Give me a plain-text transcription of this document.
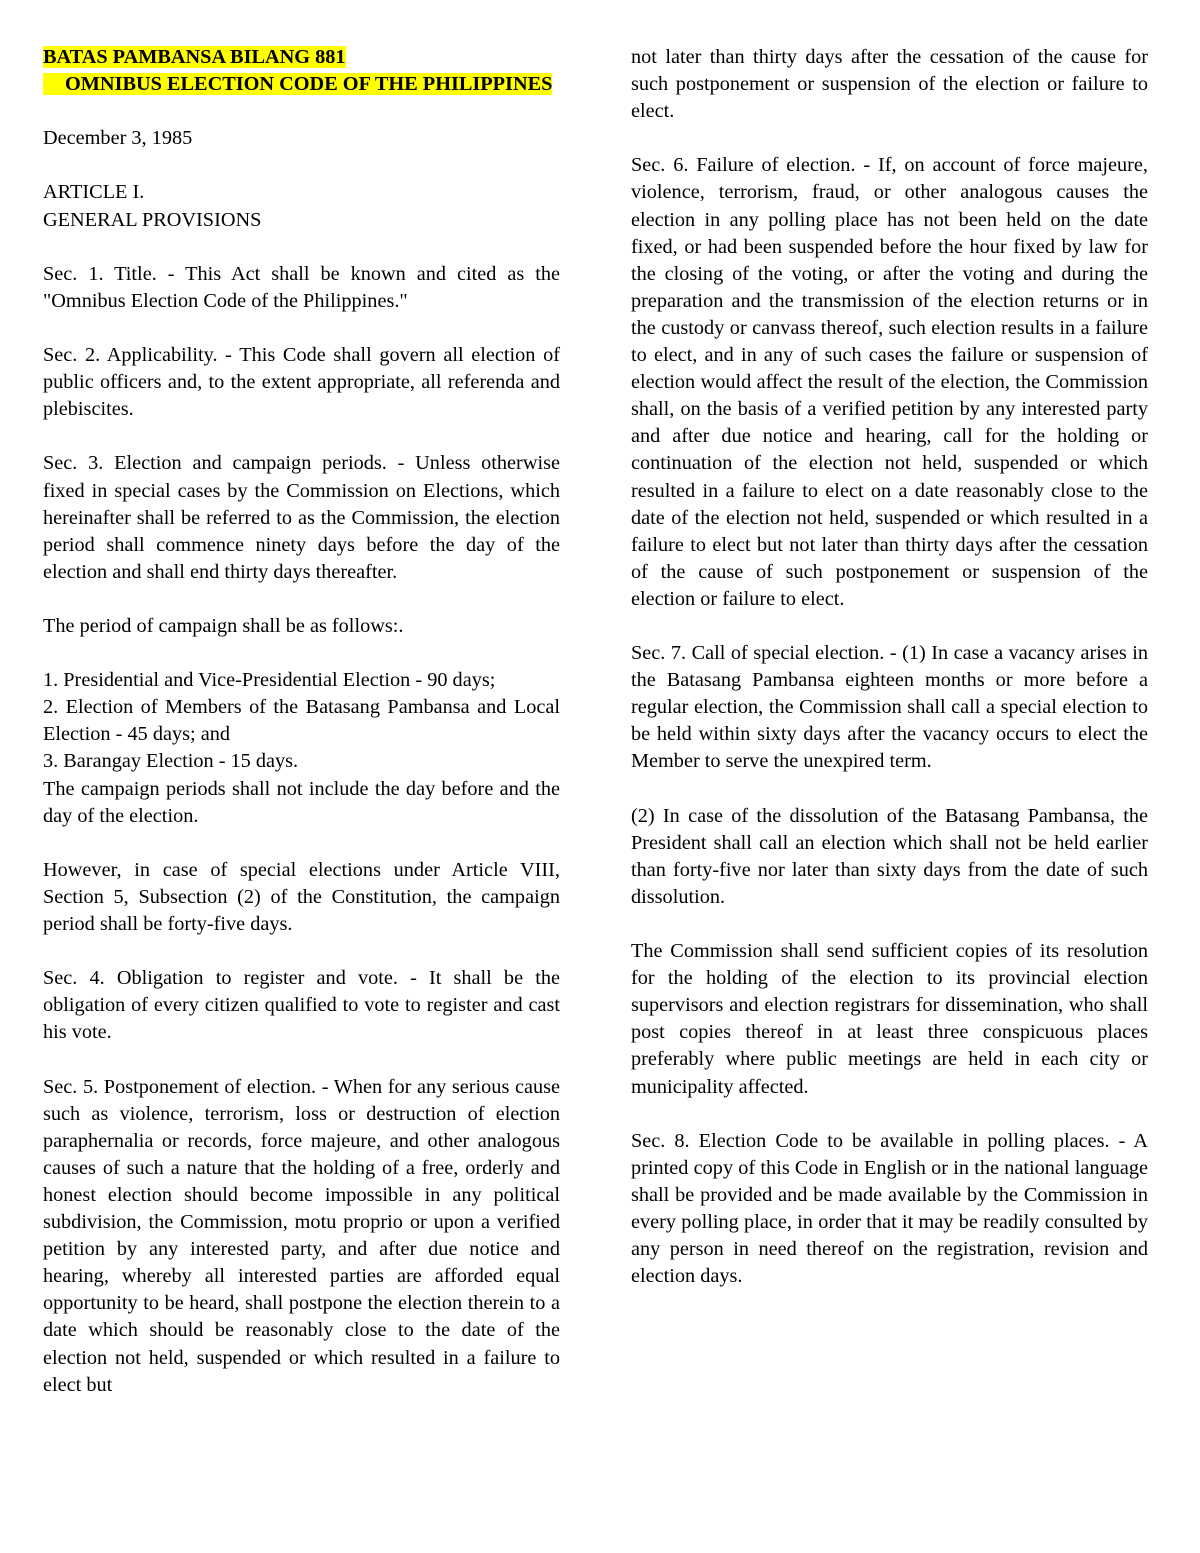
BATAS PAMBANSA BILANG 881
OMNIBUS ELECTION CODE OF THE PHILIPPINES

December 3, 1985

ARTICLE I.
GENERAL PROVISIONS

Sec. 1. Title. - This Act shall be known and cited as the "Omnibus Election Code of the Philippines."

Sec. 2. Applicability. - This Code shall govern all election of public officers and, to the extent appropriate, all referenda and plebiscites.

Sec. 3. Election and campaign periods. - Unless otherwise fixed in special cases by the Commission on Elections, which hereinafter shall be referred to as the Commission, the election period shall commence ninety days before the day of the election and shall end thirty days thereafter.

The period of campaign shall be as follows:.

1. Presidential and Vice-Presidential Election - 90 days;
2. Election of Members of the Batasang Pambansa and Local Election - 45 days; and
3. Barangay Election - 15 days.
The campaign periods shall not include the day before and the day of the election.

However, in case of special elections under Article VIII, Section 5, Subsection (2) of the Constitution, the campaign period shall be forty-five days.

Sec. 4. Obligation to register and vote. - It shall be the obligation of every citizen qualified to vote to register and cast his vote.

Sec. 5. Postponement of election. - When for any serious cause such as violence, terrorism, loss or destruction of election paraphernalia or records, force majeure, and other analogous causes of such a nature that the holding of a free, orderly and honest election should become impossible in any political subdivision, the Commission, motu proprio or upon a verified petition by any interested party, and after due notice and hearing, whereby all interested parties are afforded equal opportunity to be heard, shall postpone the election therein to a date which should be reasonably close to the date of the election not held, suspended or which resulted in a failure to elect but

not later than thirty days after the cessation of the cause for such postponement or suspension of the election or failure to elect.

Sec. 6. Failure of election. - If, on account of force majeure, violence, terrorism, fraud, or other analogous causes the election in any polling place has not been held on the date fixed, or had been suspended before the hour fixed by law for the closing of the voting, or after the voting and during the preparation and the transmission of the election returns or in the custody or canvass thereof, such election results in a failure to elect, and in any of such cases the failure or suspension of election would affect the result of the election, the Commission shall, on the basis of a verified petition by any interested party and after due notice and hearing, call for the holding or continuation of the election not held, suspended or which resulted in a failure to elect on a date reasonably close to the date of the election not held, suspended or which resulted in a failure to elect but not later than thirty days after the cessation of the cause of such postponement or suspension of the election or failure to elect.

Sec. 7. Call of special election. - (1) In case a vacancy arises in the Batasang Pambansa eighteen months or more before a regular election, the Commission shall call a special election to be held within sixty days after the vacancy occurs to elect the Member to serve the unexpired term.

(2) In case of the dissolution of the Batasang Pambansa, the President shall call an election which shall not be held earlier than forty-five nor later than sixty days from the date of such dissolution.

The Commission shall send sufficient copies of its resolution for the holding of the election to its provincial election supervisors and election registrars for dissemination, who shall post copies thereof in at least three conspicuous places preferably where public meetings are held in each city or municipality affected.

Sec. 8. Election Code to be available in polling places. - A printed copy of this Code in English or in the national language shall be provided and be made available by the Commission in every polling place, in order that it may be readily consulted by any person in need thereof on the registration, revision and election days.
